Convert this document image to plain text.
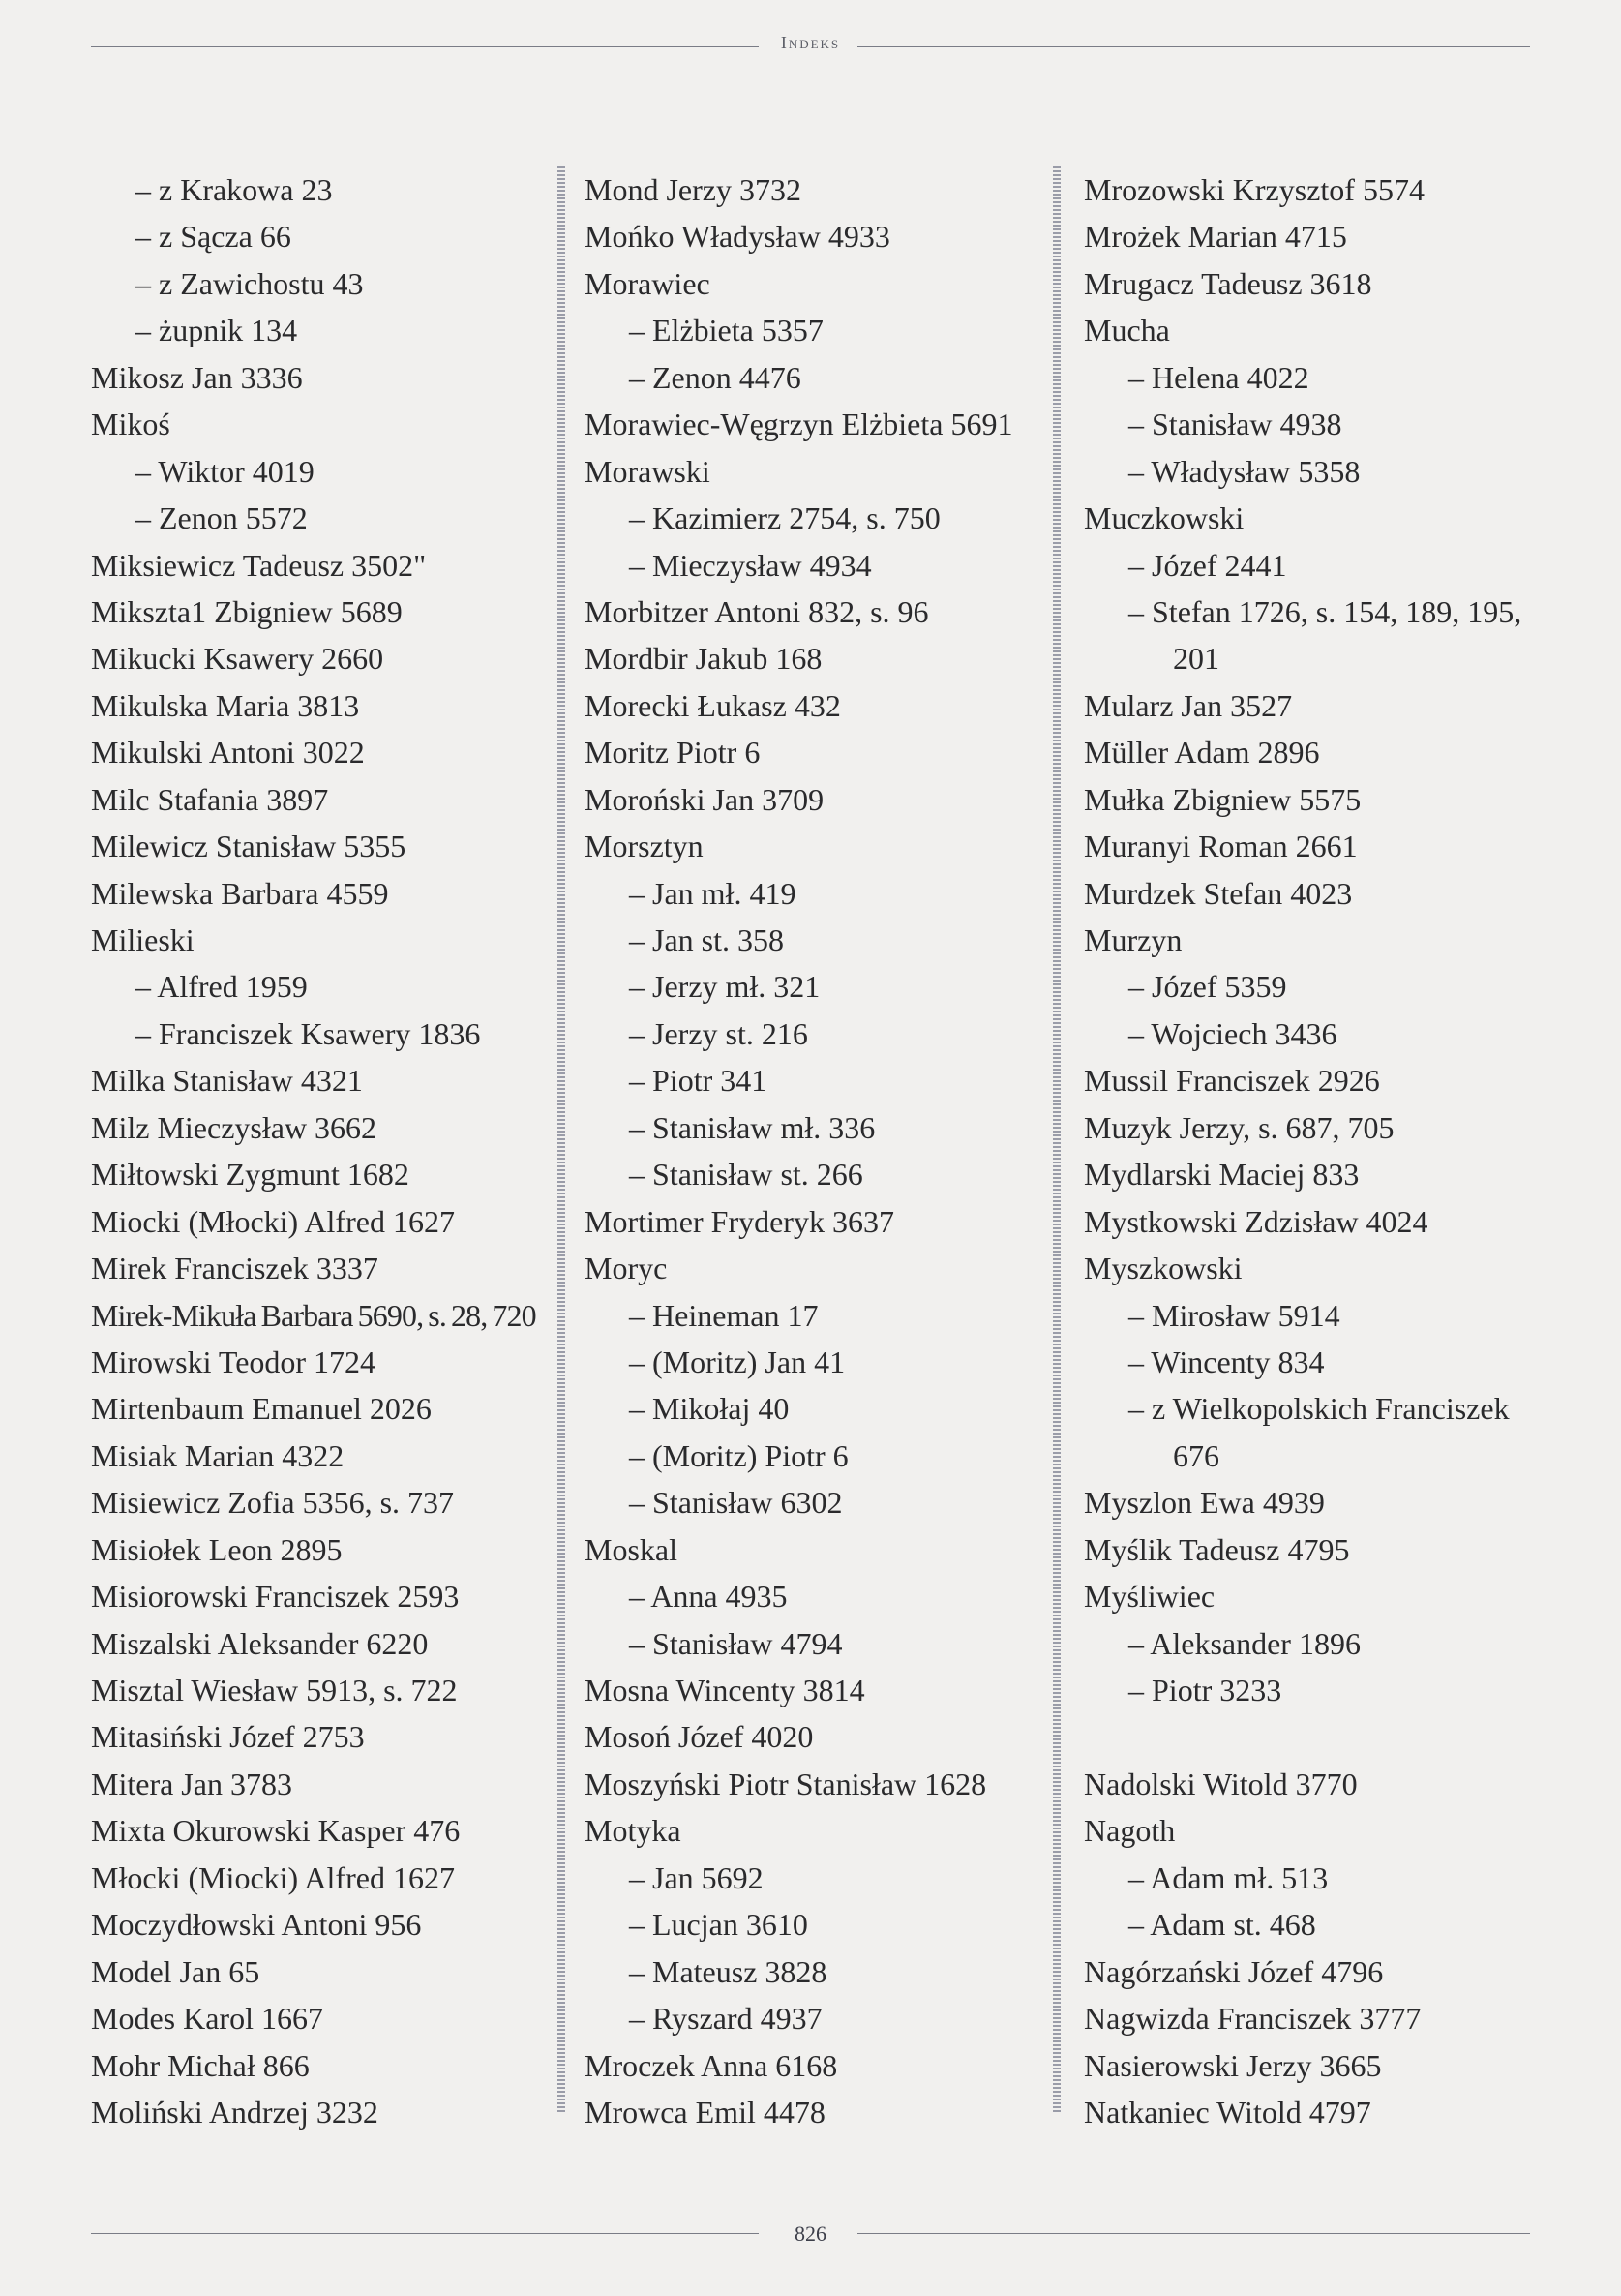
Indeks
– z Krakowa 23
– z Sącza 66
– z Zawichostu 43
– żupnik 134
Mikosz Jan 3336
Mikoś
– Wiktor 4019
– Zenon 5572
Miksiewicz Tadeusz 3502"
Mikszta1 Zbigniew 5689
Mikucki Ksawery 2660
Mikulska Maria 3813
Mikulski Antoni 3022
Milc Stafania 3897
Milewicz Stanisław 5355
Milewska Barbara 4559
Milieski
– Alfred 1959
– Franciszek Ksawery 1836
Milka Stanisław 4321
Milz Mieczysław 3662
Miłtowski Zygmunt 1682
Miocki (Młocki) Alfred 1627
Mirek Franciszek 3337
Mirek-Mikuła Barbara 5690, s. 28, 720
Mirowski Teodor 1724
Mirtenbaum Emanuel 2026
Misiak Marian 4322
Misiewicz Zofia 5356, s. 737
Misiołek Leon 2895
Misiorowski Franciszek 2593
Miszalski Aleksander 6220
Misztal Wiesław 5913, s. 722
Mitasiński Józef 2753
Mitera Jan 3783
Mixta Okurowski Kasper 476
Młocki (Miocki) Alfred 1627
Moczydłowski Antoni 956
Model Jan 65
Modes Karol 1667
Mohr Michał 866
Moliński Andrzej 3232
Mond Jerzy 3732
Mońko Władysław 4933
Morawiec
– Elżbieta 5357
– Zenon 4476
Morawiec-Węgrzyn Elżbieta 5691
Morawski
– Kazimierz 2754, s. 750
– Mieczysław 4934
Morbitzer Antoni 832, s. 96
Mordbir Jakub 168
Morecki Łukasz 432
Moritz Piotr 6
Moroński Jan 3709
Morsztyn
– Jan mł. 419
– Jan st. 358
– Jerzy mł. 321
– Jerzy st. 216
– Piotr 341
– Stanisław mł. 336
– Stanisław st. 266
Mortimer Fryderyk 3637
Moryc
– Heineman 17
– (Moritz) Jan 41
– Mikołaj 40
– (Moritz) Piotr 6
– Stanisław 6302
Moskal
– Anna 4935
– Stanisław 4794
Mosna Wincenty 3814
Mosoń Józef 4020
Moszyński Piotr Stanisław 1628
Motyka
– Jan 5692
– Lucjan 3610
– Mateusz 3828
– Ryszard 4937
Mroczek Anna 6168
Mrowca Emil 4478
Mrozowski Krzysztof 5574
Mrożek Marian 4715
Mrugacz Tadeusz 3618
Mucha
– Helena 4022
– Stanisław 4938
– Władysław 5358
Muczkowski
– Józef 2441
– Stefan 1726, s. 154, 189, 195,
201
Mularz Jan 3527
Müller Adam 2896
Mułka Zbigniew 5575
Muranyi Roman 2661
Murdzek Stefan 4023
Murzyn
– Józef 5359
– Wojciech 3436
Mussil Franciszek 2926
Muzyk Jerzy, s. 687, 705
Mydlarski Maciej 833
Mystkowski Zdzisław 4024
Myszkowski
– Mirosław 5914
– Wincenty 834
– z Wielkopolskich Franciszek
676
Myszlon Ewa 4939
Myślik Tadeusz 4795
Myśliwiec
– Aleksander 1896
– Piotr 3233
Nadolski Witold 3770
Nagoth
– Adam mł. 513
– Adam st. 468
Nagórzański Józef 4796
Nagwizda Franciszek 3777
Nasierowski Jerzy 3665
Natkaniec Witold 4797
826
